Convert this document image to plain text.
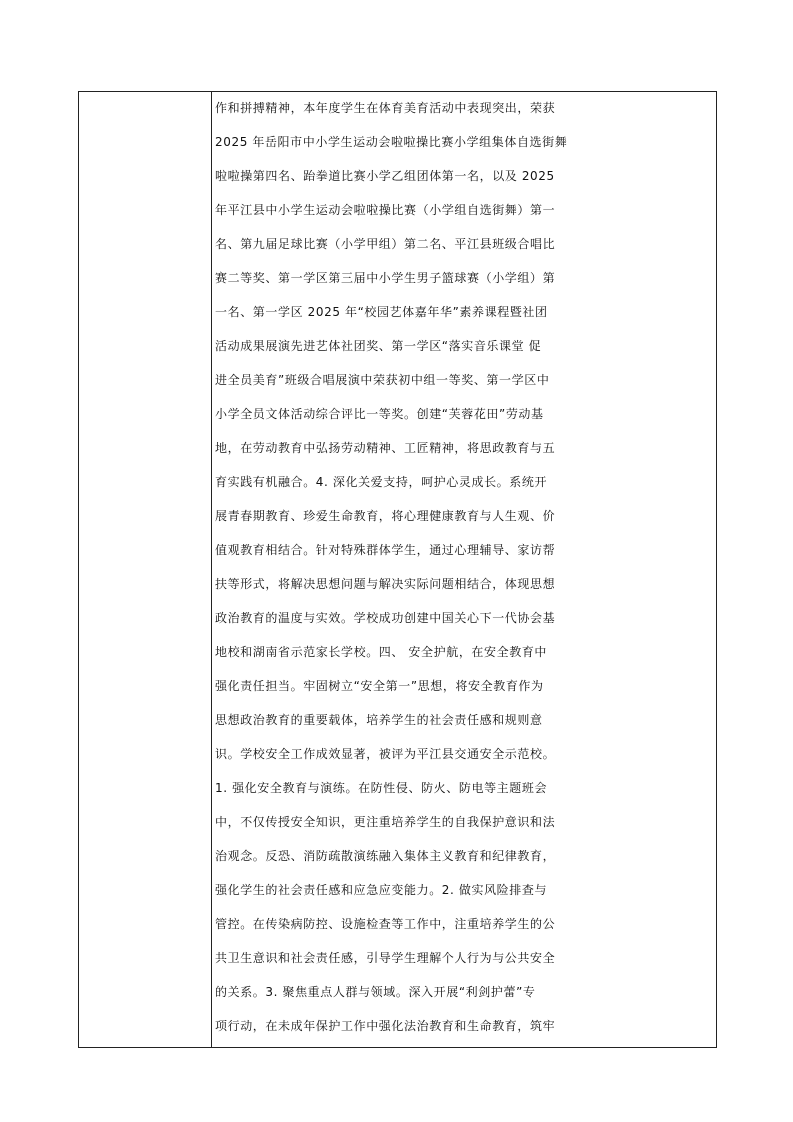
作和拼搏精神，本年度学生在体育美育活动中表现突出，荣获
2025 年岳阳市中小学生运动会啦啦操比赛小学组集体自选街舞
啦啦操第四名、跆拳道比赛小学乙组团体第一名，以及 2025
年平江县中小学生运动会啦啦操比赛（小学组自选街舞）第一
名、第九届足球比赛（小学甲组）第二名、平江县班级合唱比
赛二等奖、第一学区第三届中小学生男子篮球赛（小学组）第
一名、第一学区 2025 年“校园艺体嘉年华”素养课程暨社团
活动成果展演先进艺体社团奖、第一学区“落实音乐课堂 促
进全员美育”班级合唱展演中荣获初中组一等奖、第一学区中
小学全员文体活动综合评比一等奖。创建“芙蓉花田”劳动基
地，在劳动教育中弘扬劳动精神、工匠精神，将思政教育与五
育实践有机融合。4. 深化关爱支持，呵护心灵成长。系统开
展青春期教育、珍爱生命教育，将心理健康教育与人生观、价
值观教育相结合。针对特殊群体学生，通过心理辅导、家访帮
扶等形式，将解决思想问题与解决实际问题相结合，体现思想
政治教育的温度与实效。学校成功创建中国关心下一代协会基
地校和湖南省示范家长学校。四、 安全护航，在安全教育中
强化责任担当。牢固树立“安全第一”思想，将安全教育作为
思想政治教育的重要载体，培养学生的社会责任感和规则意
识。学校安全工作成效显著，被评为平江县交通安全示范校。
1. 强化安全教育与演练。在防性侵、防火、防电等主题班会
中，不仅传授安全知识，更注重培养学生的自我保护意识和法
治观念。反恐、消防疏散演练融入集体主义教育和纪律教育，
强化学生的社会责任感和应急应变能力。2. 做实风险排查与
管控。在传染病防控、设施检查等工作中，注重培养学生的公
共卫生意识和社会责任感，引导学生理解个人行为与公共安全
的关系。3. 聚焦重点人群与领域。深入开展“利剑护蕾”专
项行动，在未成年保护工作中强化法治教育和生命教育，筑牢
